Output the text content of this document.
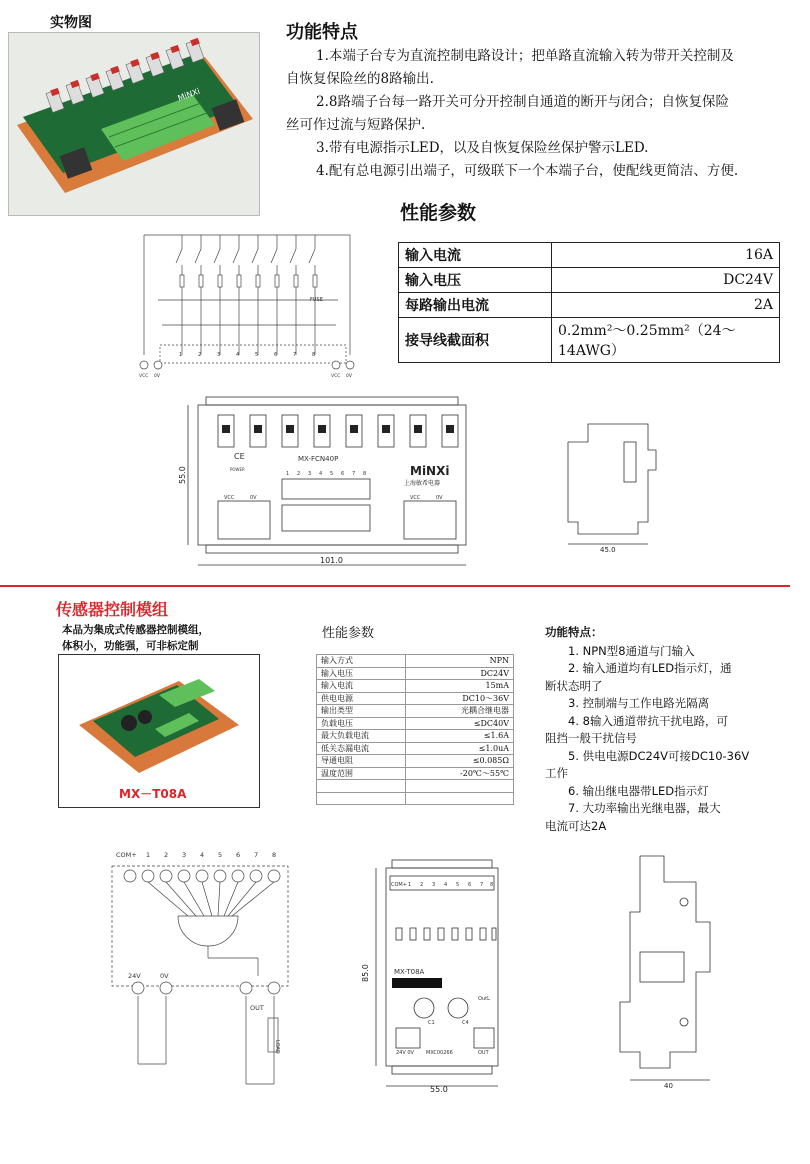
实物图
MiNXi
功能特点
1.本端子台专为直流控制电路设计；把单路直流输入转为带开关控制及
自恢复保险丝的8路输出.
2.8路端子台每一路开关可分开控制自通道的断开与闭合；自恢复保险
丝可作过流与短路保护.
3.带有电源指示LED，以及自恢复保险丝保护警示LED.
4.配有总电源引出端子，可级联下一个本端子台，使配线更简洁、方便.
性能参数
输入电流	16A
输入电压	DC24V
每路输出电流	2A
接导线截面积	0.2mm²～0.25mm²（24～14AWG）
FUSE
1	2	3	4	5	6	7	8
VCC 0V	VCC 0V
MX-FCN40P
CE
POWER	MiNXi
上海敏希电器
1 2 3 4 5 6 7 8
VCC	0V	VCC	0V
55.0
101.0
45.0
传感器控制模组
本品为集成式传感器控制模组，
体积小，功能强，可非标定制
MX－T08A
性能参数
输入方式	NPN
输入电压	DC24V
输入电流	15mA
供电电源	DC10～36V
输出类型	光耦合继电器
负载电压	≤DC40V
最大负载电流	≤1.6A
低关态漏电流	≤1.0uA
导通电阻	≤0.085Ω
温度范围	-20℃～55℃

功能特点：
1. NPN型8通道与门输入
2. 输入通道均有LED指示灯，通
断状态明了
3. 控制端与工作电路光隔离
4. 8输入通道带抗干扰电路，可
阻挡一般干扰信号
5. 供电电源DC24V可接DC10-36V
工作
6. 输出继电器带LED指示灯
7. 大功率输出光继电器，最大
电流可达2A
COM+ 1 2 3 4 5 6 7 8
24V	0V
OUT
LOAD
COM+ 1 2 3 4 5 6 7 8
MX-T08A
C1	C4
OutL
MXC00266
24V 0V	OUT
85.0
55.0	40
